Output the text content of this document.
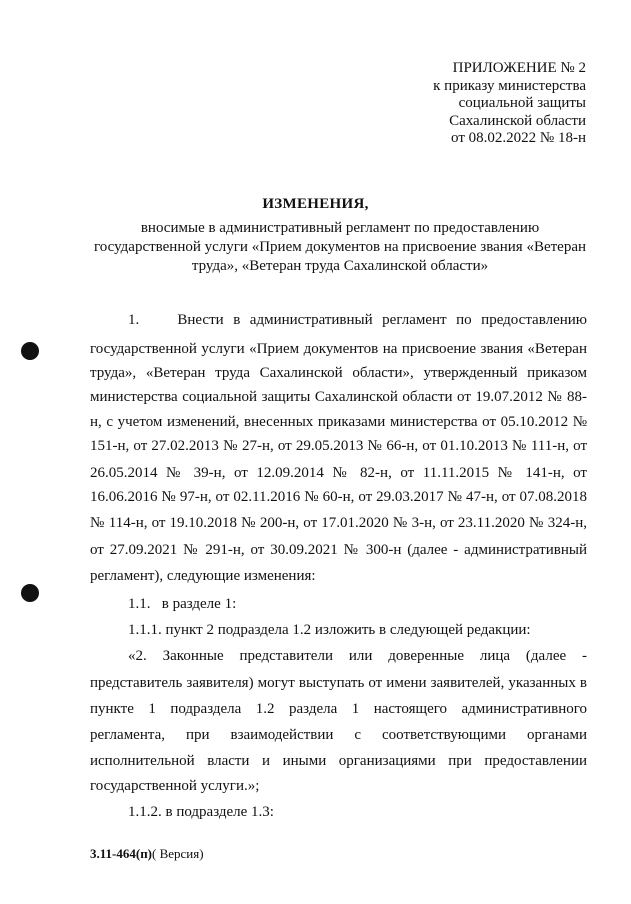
ПРИЛОЖЕНИЕ № 2
к приказу министерства
социальной защиты
Сахалинской области
от 08.02.2022 № 18-н
ИЗМЕНЕНИЯ,
вносимые в административный регламент по предоставлению
государственной услуги «Прием документов на присвоение звания «Ветеран
труда», «Ветеран труда Сахалинской области»
1.    Внести в административный регламент по предоставлению
государственной услуги «Прием документов на присвоение звания «Ветеран
труда», «Ветеран труда Сахалинской области», утвержденный приказом
министерства социальной защиты Сахалинской области от 19.07.2012 № 88-
н, с учетом изменений, внесенных приказами министерства от 05.10.2012 №
151-н, от 27.02.2013 № 27-н, от 29.05.2013 № 66-н, от 01.10.2013 № 111-н, от
26.05.2014 № 39-н, от 12.09.2014 № 82-н, от 11.11.2015 № 141-н, от
16.06.2016 № 97-н, от 02.11.2016 № 60-н, от 29.03.2017 № 47-н, от 07.08.2018
№ 114-н, от 19.10.2018 № 200-н, от 17.01.2020 № 3-н, от 23.11.2020 № 324-н,
от 27.09.2021 № 291-н, от 30.09.2021 № 300-н (далее - административный
регламент), следующие изменения:
1.1.   в разделе 1:
1.1.1. пункт 2 подраздела 1.2 изложить в следующей редакции:
«2. Законные представители или доверенные лица (далее -
представитель заявителя) могут выступать от имени заявителей, указанных в
пункте 1 подраздела 1.2 раздела 1 настоящего административного
регламента, при взаимодействии с соответствующими органами
исполнительной власти и иными организациями при предоставлении
государственной услуги.»;
1.1.2. в подразделе 1.3:
3.11-464(п)( Версия)
